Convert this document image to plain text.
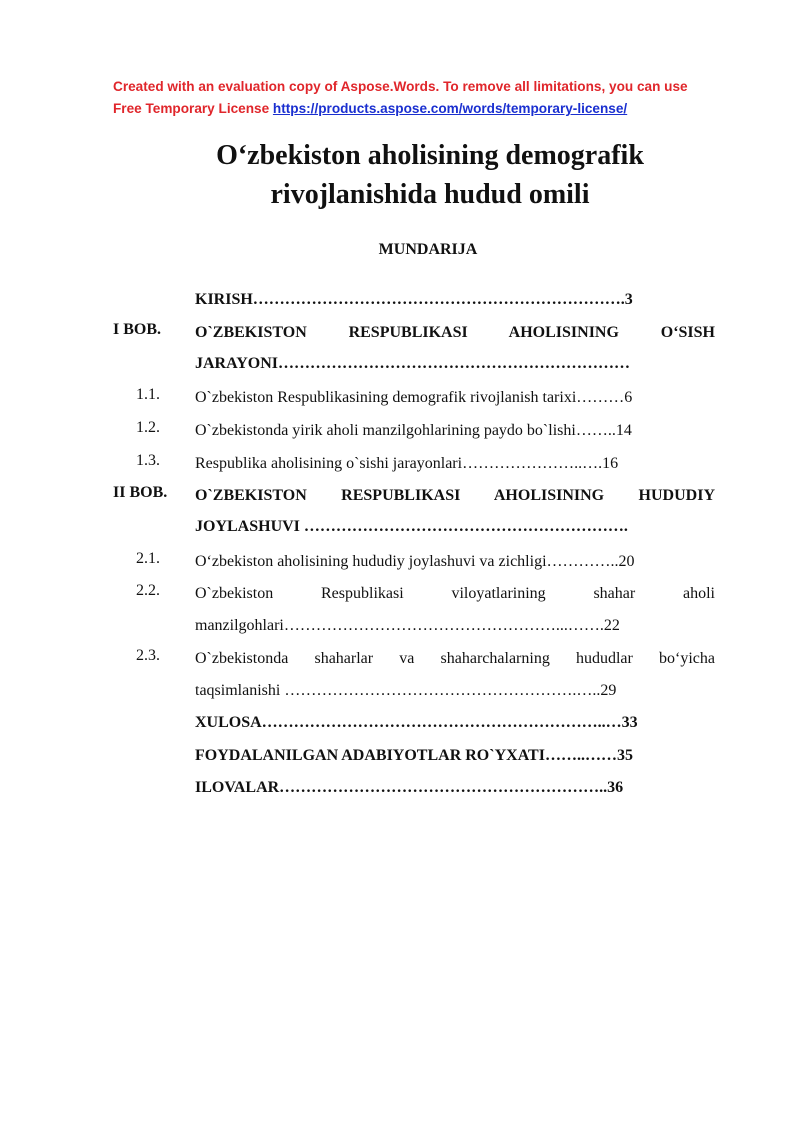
Created with an evaluation copy of Aspose.Words. To remove all limitations, you can use
Free Temporary License https://products.aspose.com/words/temporary-license/
O‘zbekiston aholisining demografik
rivojlanishida hudud omili
MUNDARIJA
KIRISH…………………………………………………………….3
I BOB.	O`ZBEKISTON RESPUBLIKASI AHOLISINING O‘SISH
JARAYONI…………………………………………………………
1.1.	O`zbekiston Respublikasining demografik rivojlanish tarixi………6
1.2.	O`zbekistonda yirik aholi manzilgohlarining paydo bo`lishi……..14
1.3.	Respublika aholisining o`sishi jarayonlari…………………..….16
II BOB.	O`ZBEKISTON RESPUBLIKASI AHOLISINING HUDUDIY
JOYLASHUVI …………………………………………………….
2.1.	O‘zbekiston aholisining hududiy joylashuvi va zichligi…………..20
2.2.	O`zbekiston Respublikasi viloyatlarining shahar aholi
manzilgohlari……………………………………………...…….22
2.3.	O`zbekistonda shaharlar va shaharchalarning hududlar bo‘yicha
taqsimlanishi ……………………………………………….…..29
XULOSA………………………………………………………..…33
FOYDALANILGAN ADABIYOTLAR RO`YXATI……..……35
ILOVALAR……………………………………………………..36
